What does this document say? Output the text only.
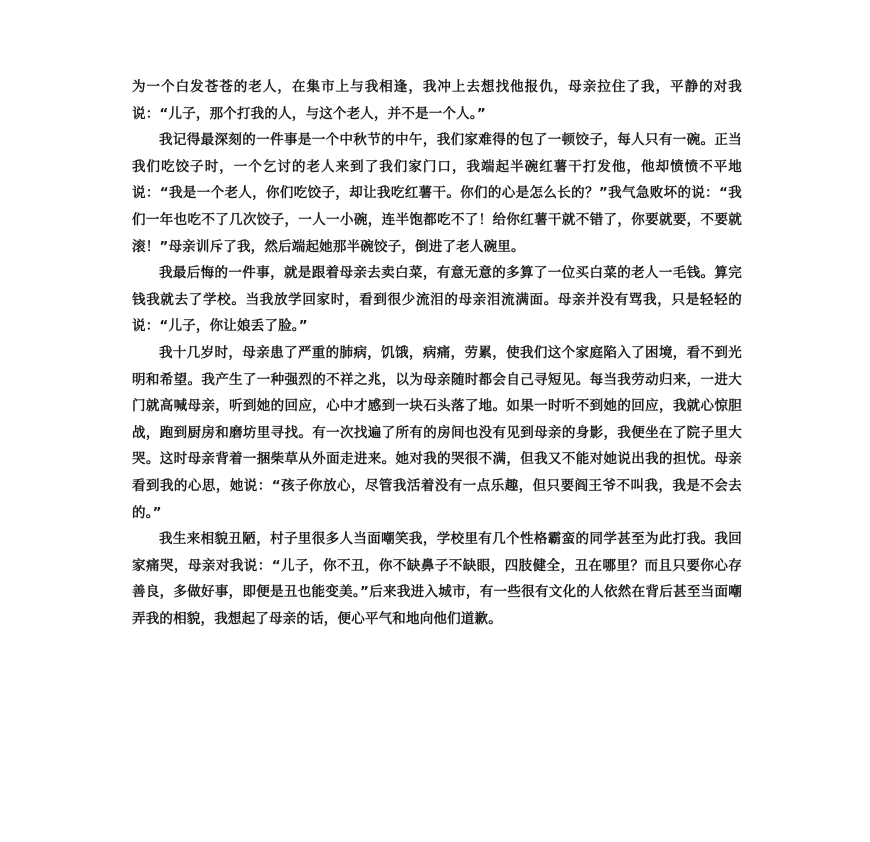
为一个白发苍苍的老人，在集市上与我相逢，我冲上去想找他报仇，母亲拉住了我，平静的对我说：“儿子，那个打我的人，与这个老人，并不是一个人。”

我记得最深刻的一件事是一个中秋节的中午，我们家难得的包了一顿饺子，每人只有一碗。正当我们吃饺子时，一个乞讨的老人来到了我们家门口，我端起半碗红薯干打发他，他却愤愤不平地说：“我是一个老人，你们吃饺子，却让我吃红薯干。你们的心是怎么长的？”我气急败坏的说：“我们一年也吃不了几次饺子，一人一小碗，连半饱都吃不了！给你红薯干就不错了，你要就要，不要就滚！”母亲训斥了我，然后端起她那半碗饺子，倒进了老人碗里。

我最后悔的一件事，就是跟着母亲去卖白菜，有意无意的多算了一位买白菜的老人一毛钱。算完钱我就去了学校。当我放学回家时，看到很少流泪的母亲泪流满面。母亲并没有骂我，只是轻轻的说：“儿子，你让娘丢了脸。”

我十几岁时，母亲患了严重的肺病，饥饿，病痛，劳累，使我们这个家庭陷入了困境，看不到光明和希望。我产生了一种强烈的不祥之兆，以为母亲随时都会自己寻短见。每当我劳动归来，一进大门就高喊母亲，听到她的回应，心中才感到一块石头落了地。如果一时听不到她的回应，我就心惊胆战，跑到厨房和磨坊里寻找。有一次找遍了所有的房间也没有见到母亲的身影，我便坐在了院子里大哭。这时母亲背着一捆柴草从外面走进来。她对我的哭很不满，但我又不能对她说出我的担忧。母亲看到我的心思，她说：“孩子你放心，尽管我活着没有一点乐趣，但只要阎王爷不叫我，我是不会去的。”

我生来相貌丑陋，村子里很多人当面嘲笑我，学校里有几个性格霸蛮的同学甚至为此打我。我回家痛哭，母亲对我说：“儿子，你不丑，你不缺鼻子不缺眼，四肢健全，丑在哪里？而且只要你心存善良，多做好事，即便是丑也能变美。”后来我进入城市，有一些很有文化的人依然在背后甚至当面嘲弄我的相貌，我想起了母亲的话，便心平气和地向他们道歉。
